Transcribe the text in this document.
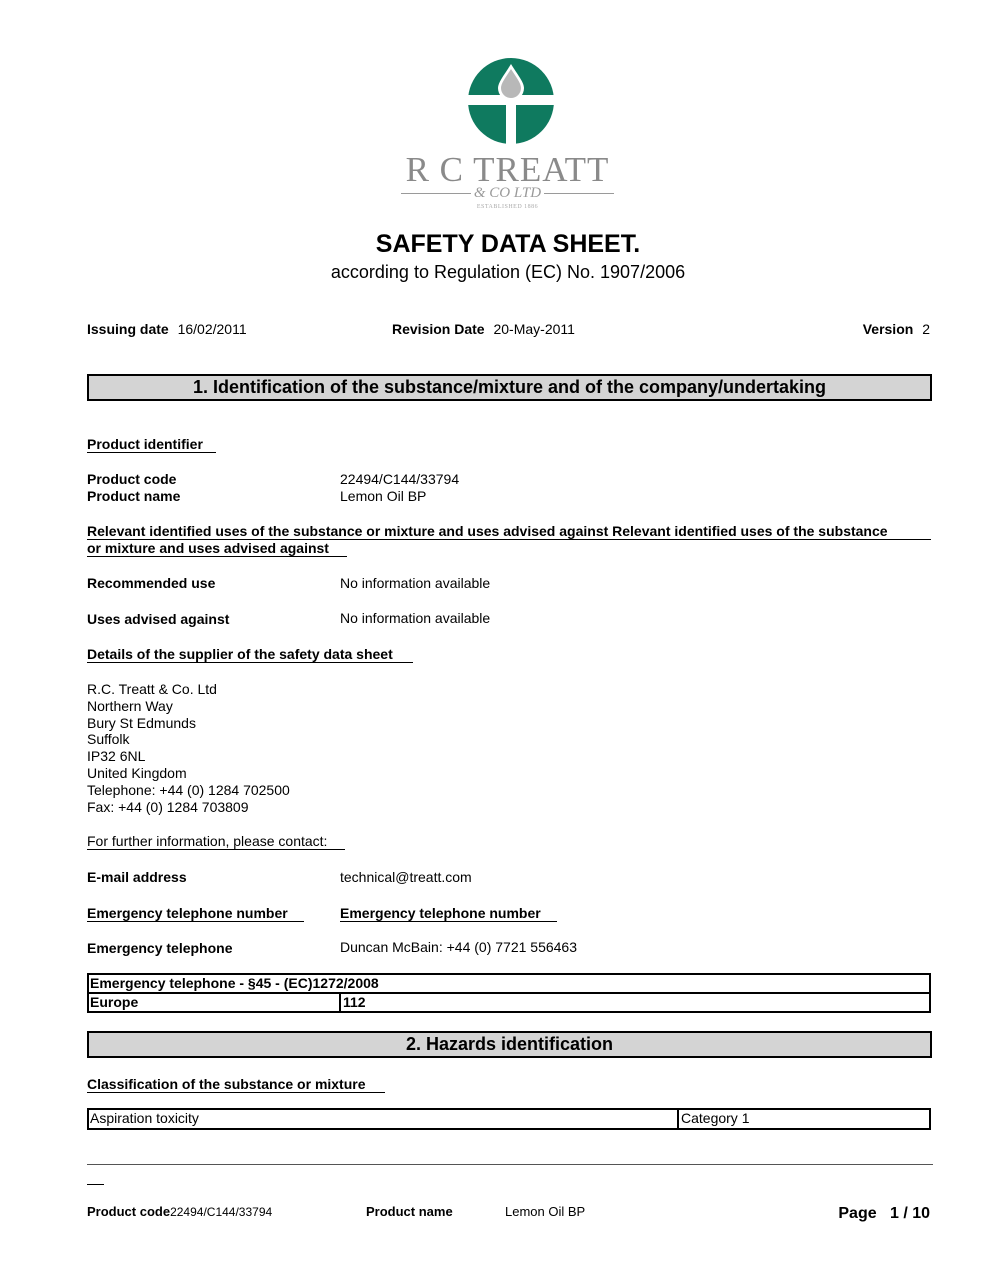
R C TREATT
& CO LTD
ESTABLISHED 1886
SAFETY DATA SHEET.
according to Regulation (EC) No. 1907/2006
Issuing date 16/02/2011	Revision Date 20-May-2011	Version 2
1. Identification of the substance/mixture and of the company/undertaking
Product identifier
Product code	22494/C144/33794
Product name	Lemon Oil BP
Relevant identified uses of the substance or mixture and uses advised against Relevant identified uses of the substance
or mixture and uses advised against
Recommended use	No information available
Uses advised against	No information available
Details of the supplier of the safety data sheet
R.C. Treatt & Co. Ltd
Northern Way
Bury St Edmunds
Suffolk
IP32 6NL
United Kingdom
Telephone: +44 (0) 1284 702500
Fax: +44 (0) 1284 703809
For further information, please contact:
E-mail address	technical@treatt.com
Emergency telephone number	Emergency telephone number
Emergency telephone	Duncan McBain: +44 (0) 7721 556463
Emergency telephone - §45 - (EC)1272/2008
Europe	112
2. Hazards identification
Classification of the substance or mixture
Aspiration toxicity	Category 1
Product code22494/C144/33794	Product name	Lemon Oil BP	Page 1 / 10
